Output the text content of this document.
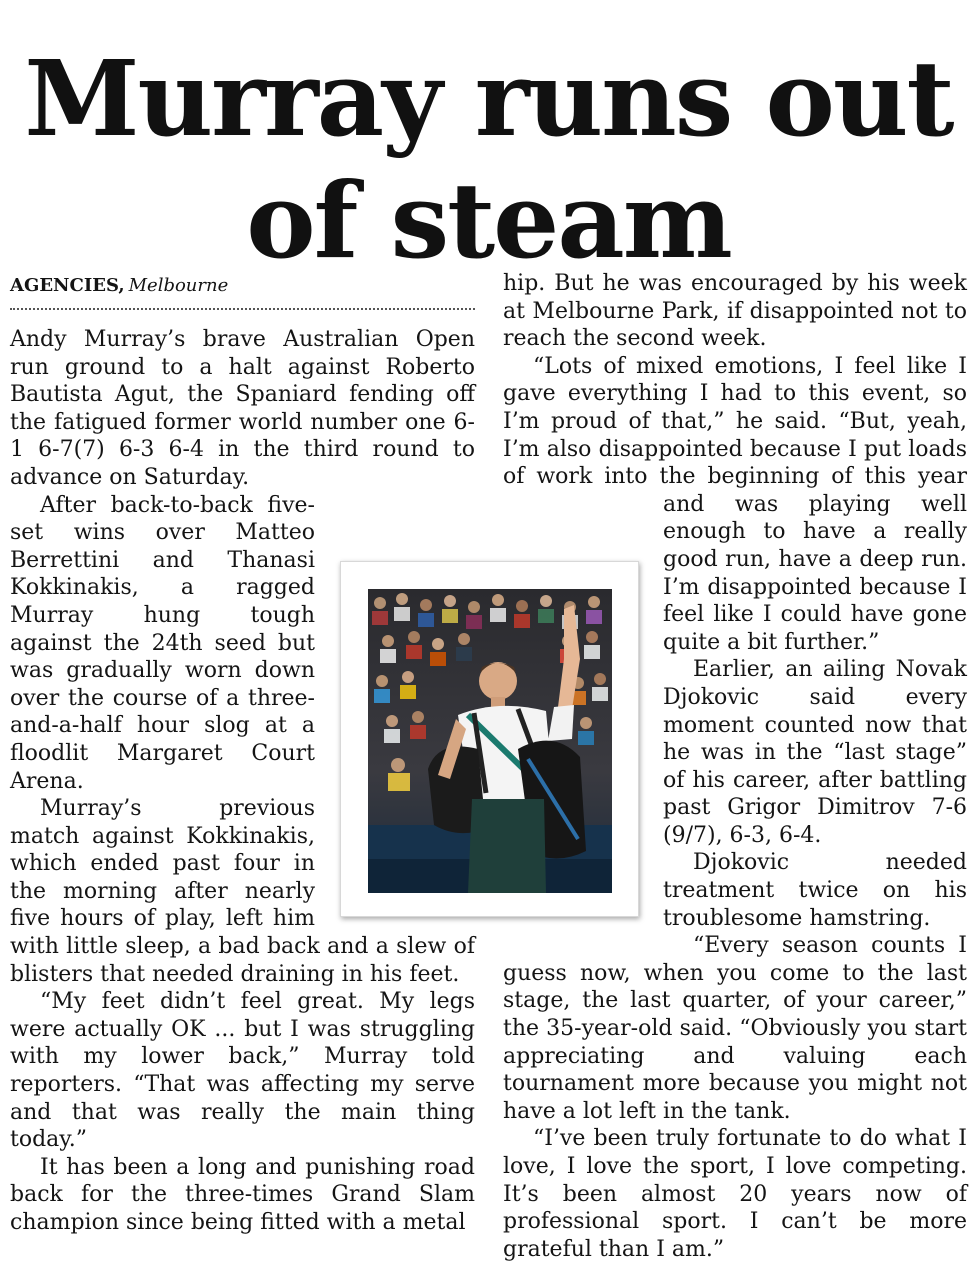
Murray runs out of steam
AGENCIES, Melbourne

Andy Murray’s brave Australian Open run ground to a halt against Roberto Bautista Agut, the Spaniard fending off the fatigued former world number one 6-1 6-7(7) 6-3 6-4 in the third round to advance on Saturday.

After back-to-back five-set wins over Matteo Berrettini and Thanasi Kokkinakis, a ragged Murray hung tough against the 24th seed but was gradually worn down over the course of a three-and-a-half hour slog at a floodlit Margaret Court Arena.

Murray’s previous match against Kokkinakis, which ended past four in the morning after nearly five hours of play, left him with little sleep, a bad back and a slew of blisters that needed draining in his feet.

“My feet didn’t feel great. My legs were actually OK ... but I was struggling with my lower back,” Murray told reporters. “That was affecting my serve and that was really the main thing today.”

It has been a long and punishing road back for the three-times Grand Slam champion since being fitted with a metal

hip. But he was encouraged by his week at Melbourne Park, if disappointed not to reach the second week.

“Lots of mixed emotions, I feel like I gave everything I had to this event, so I’m proud of that,” he said. “But, yeah, I’m also disappointed because I put loads of work into the beginning of this year and was playing well enough to have a really good run, have a deep run. I’m disappointed because I feel like I could have gone quite a bit further.”

Earlier, an ailing Novak Djokovic said every moment counted now that he was in the “last stage” of his career, after battling past Grigor Dimitrov 7-6 (9/7), 6-3, 6-4.

Djokovic needed treatment twice on his troublesome hamstring.

“Every season counts I guess now, when you come to the last stage, the last quarter, of your career,” the 35-year-old said. “Obviously you start appreciating and valuing each tournament more because you might not have a lot left in the tank.

“I’ve been truly fortunate to do what I love, I love the sport, I love competing. It’s been almost 20 years now of professional sport. I can’t be more grateful than I am.”
